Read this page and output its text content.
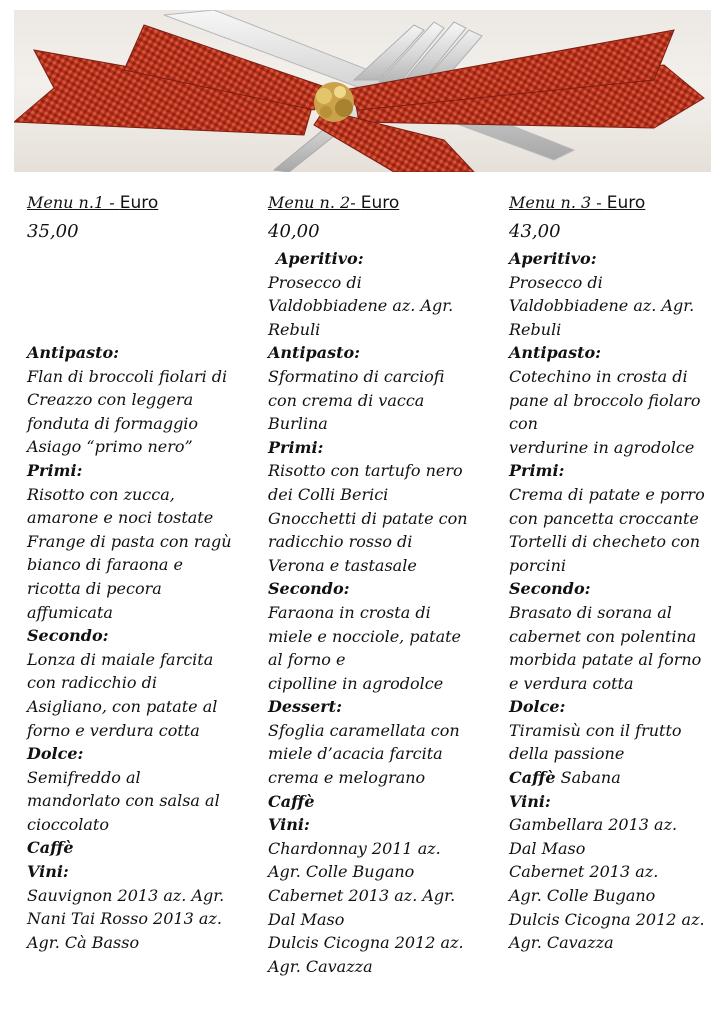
Menu n.1 - Euro

35,00

Antipasto:

Flan di broccoli fiolari di

Creazzo con leggera

fonduta di formaggio

Asiago “primo nero”

Primi:

Risotto con zucca,

amarone e noci tostate

Frange di pasta con ragù

bianco di faraona e

ricotta di pecora

affumicata

Secondo:

Lonza di maiale farcita

con radicchio di

Asigliano, con patate al

forno e verdura cotta

Dolce:

Semifreddo al

mandorlato con salsa al

cioccolato

Caffè

Vini:

Sauvignon 2013 az. Agr.

Nani Tai Rosso 2013 az.

Agr. Cà Basso

Menu n. 2- Euro

40,00

Aperitivo:

Prosecco di

Valdobbiadene az. Agr.

Rebuli

Antipasto:

Sformatino di carciofi

con crema di vacca

Burlina

Primi:

Risotto con tartufo nero

dei Colli Berici

Gnocchetti di patate con

radicchio rosso di

Verona e tastasale

Secondo:

Faraona in crosta di

miele e nocciole, patate

al forno e

cipolline in agrodolce

Dessert:

Sfoglia caramellata con

miele d’acacia farcita

crema e melograno

Caffè

Vini:

Chardonnay 2011 az.

Agr. Colle Bugano

Cabernet 2013 az. Agr.

Dal Maso

Dulcis Cicogna 2012 az.

Agr. Cavazza

Menu n. 3 - Euro

43,00

Aperitivo:

Prosecco di

Valdobbiadene az. Agr.

Rebuli

Antipasto:

Cotechino in crosta di

pane al broccolo fiolaro

con

verdurine in agrodolce

Primi:

Crema di patate e porro

con pancetta croccante

Tortelli di checheto con

porcini

Secondo:

Brasato di sorana al

cabernet con polentina

morbida patate al forno

e verdura cotta

Dolce:

Tiramisù con il frutto

della passione

Caffè Sabana

Vini:

Gambellara 2013 az.

Dal Maso

Cabernet 2013 az.

Agr. Colle Bugano

Dulcis Cicogna 2012 az.

Agr. Cavazza
